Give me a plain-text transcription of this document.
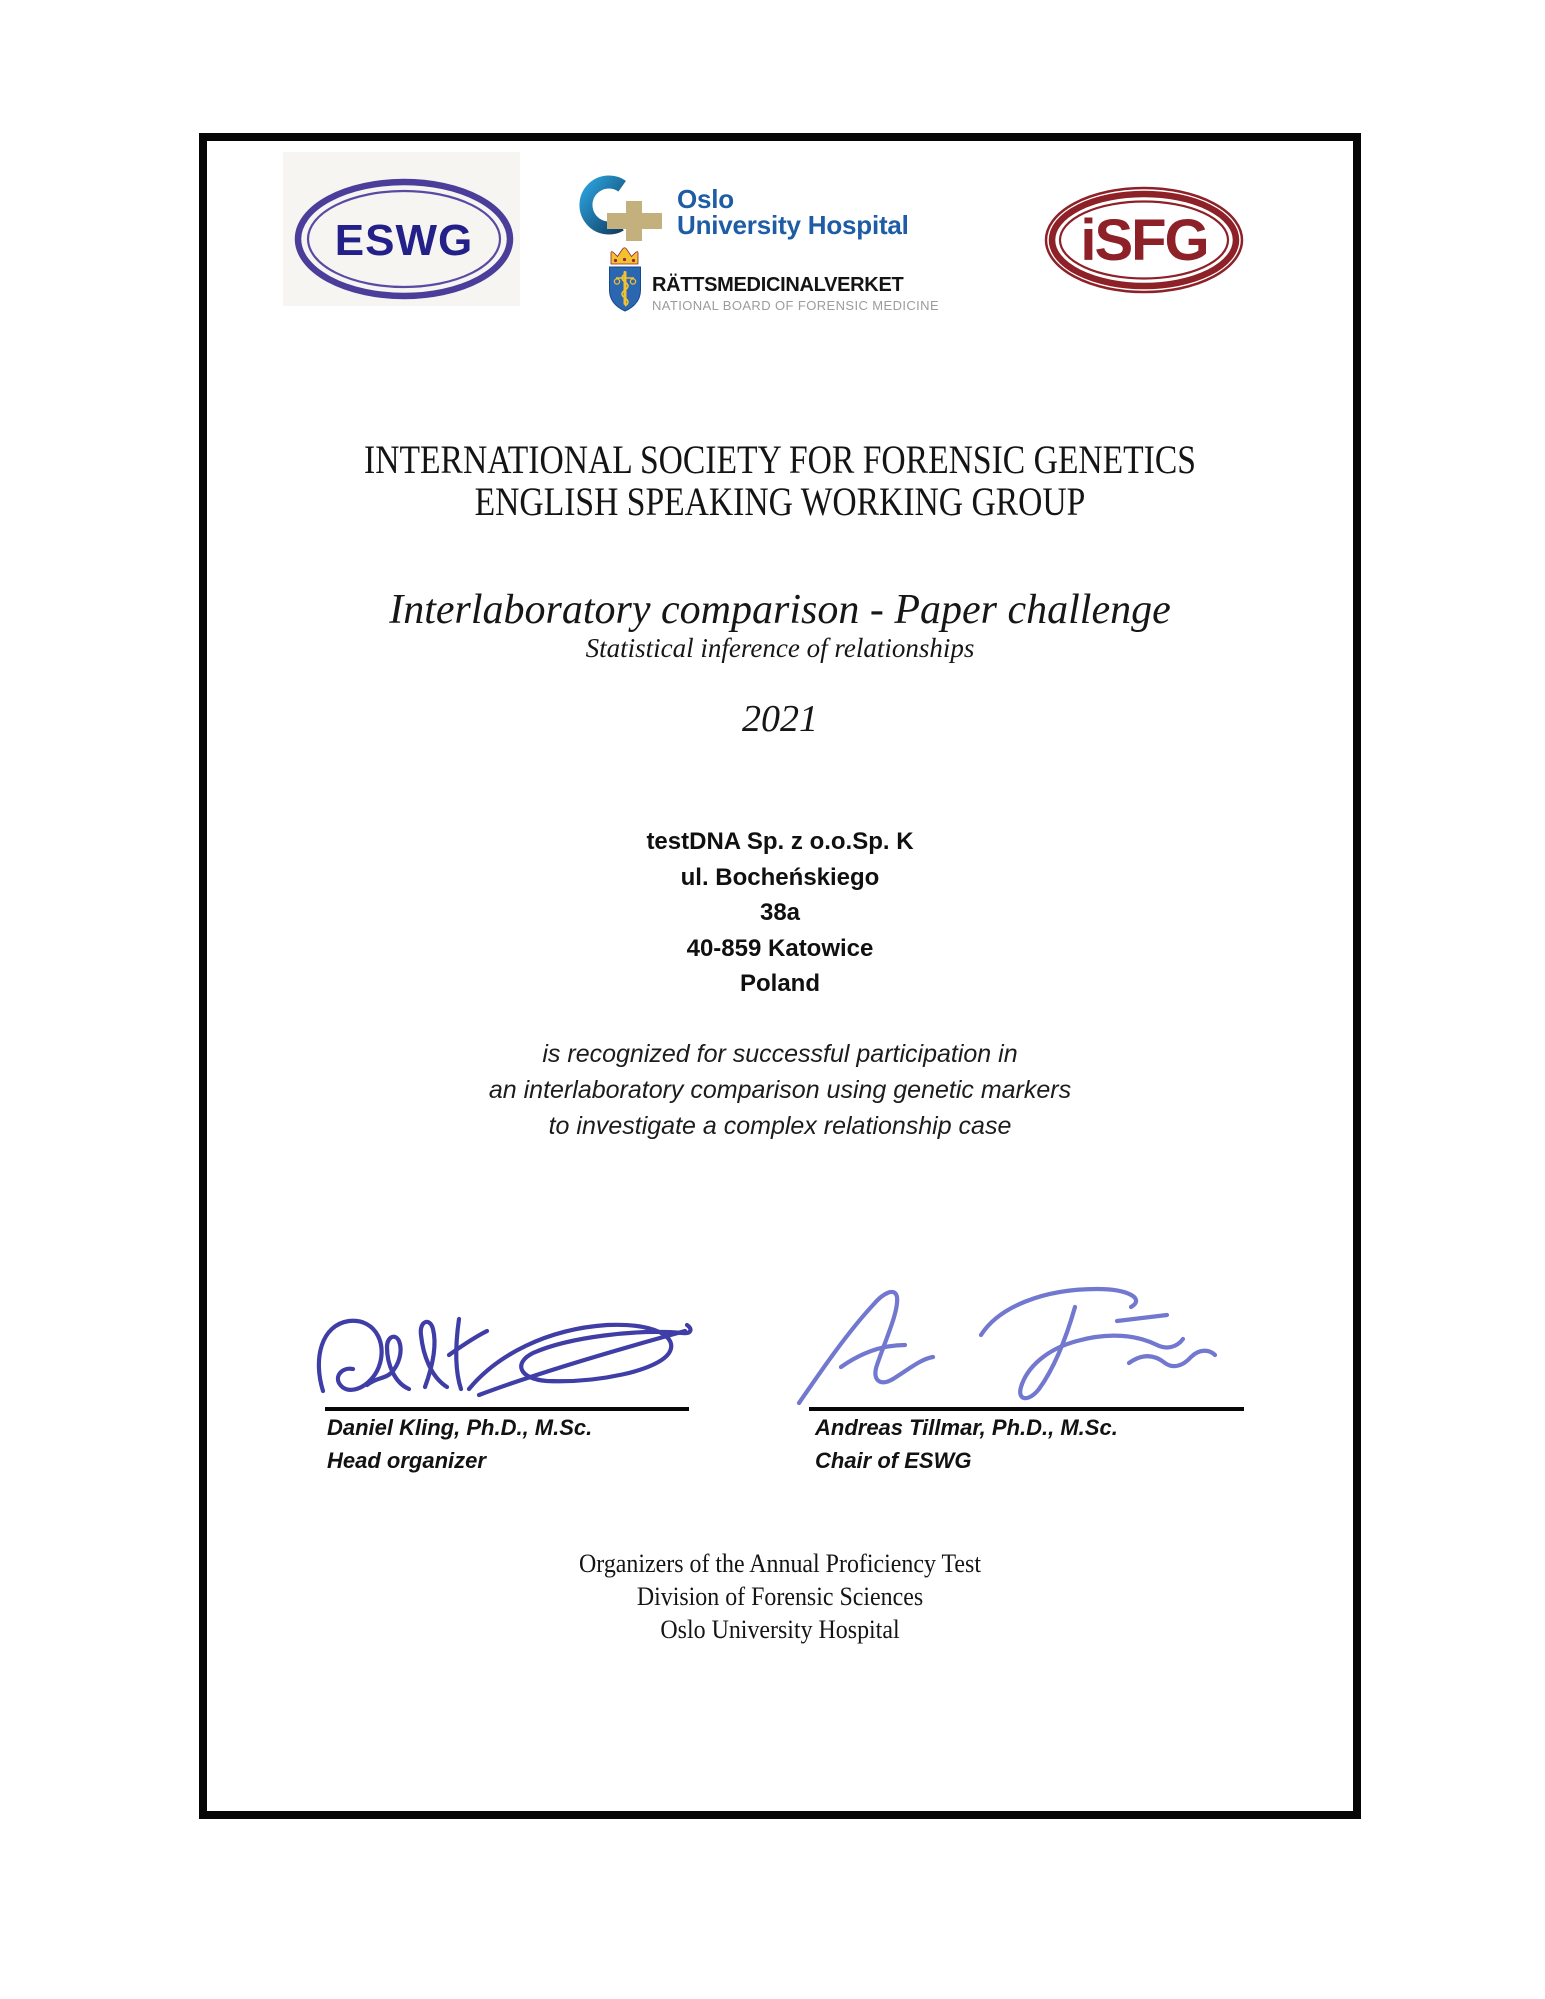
ESWG
Oslo
University Hospital
RÄTTSMEDICINALVERKET
NATIONAL BOARD OF FORENSIC MEDICINE
iSFG
INTERNATIONAL SOCIETY FOR FORENSIC GENETICS
ENGLISH SPEAKING WORKING GROUP
Interlaboratory comparison - Paper challenge
Statistical inference of relationships
2021
testDNA Sp. z o.o.Sp. K
ul. Bocheńskiego
38a
40-859 Katowice
Poland
is recognized for successful participation in
an interlaboratory comparison using genetic markers
to investigate a complex relationship case
Daniel Kling, Ph.D., M.Sc.
Head organizer
Andreas Tillmar, Ph.D., M.Sc.
Chair of ESWG
Organizers of the Annual Proficiency Test
Division of Forensic Sciences
Oslo University Hospital
